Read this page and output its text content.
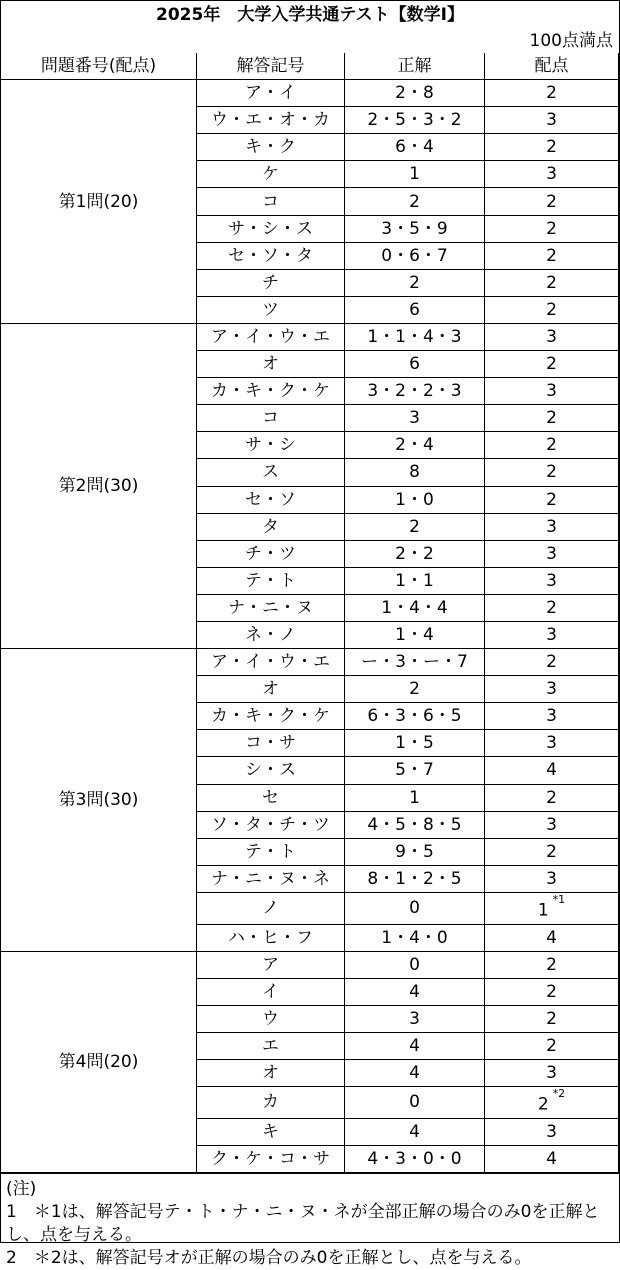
2025年　大学入学共通テスト【数学I】
100点満点
問題番号(配点)	解答記号	正解	配点
第1問(20)	ア・イ	2・8	2
	ウ・エ・オ・カ	2・5・3・2	3
	キ・ク	6・4	2
	ケ	1	3
	コ	2	2
	サ・シ・ス	3・5・9	2
	セ・ソ・タ	0・6・7	2
	チ	2	2
	ツ	6	2
第2問(30)	ア・イ・ウ・エ	1・1・4・3	3
	オ	6	2
	カ・キ・ク・ケ	3・2・2・3	3
	コ	3	2
	サ・シ	2・4	2
	ス	8	2
	セ・ソ	1・0	2
	タ	2	3
	チ・ツ	2・2	3
	テ・ト	1・1	3
	ナ・ニ・ヌ	1・4・4	2
	ネ・ノ	1・4	3
第3問(30)	ア・イ・ウ・エ	ー・3・ー・7	2
	オ	2	3
	カ・キ・ク・ケ	6・3・6・5	3
	コ・サ	1・5	3
	シ・ス	5・7	4
	セ	1	2
	ソ・タ・チ・ツ	4・5・8・5	3
	テ・ト	9・5	2
	ナ・ニ・ヌ・ネ	8・1・2・5	3
	ノ	0	1$^{*1}$
	ハ・ヒ・フ	1・4・0	4
第4問(20)	ア	0	2
	イ	4	2
	ウ	3	2
	エ	4	2
	オ	4	3
	カ	0	2$^{*2}$
	キ	4	3
	ク・ケ・コ・サ	4・3・0・0	4

(注)

1　＊1は、解答記号テ・ト・ナ・ニ・ヌ・ネが全部正解の場合のみ0を正解とし、点を与える。

2　＊2は、解答記号オが正解の場合のみ0を正解とし、点を与える。
